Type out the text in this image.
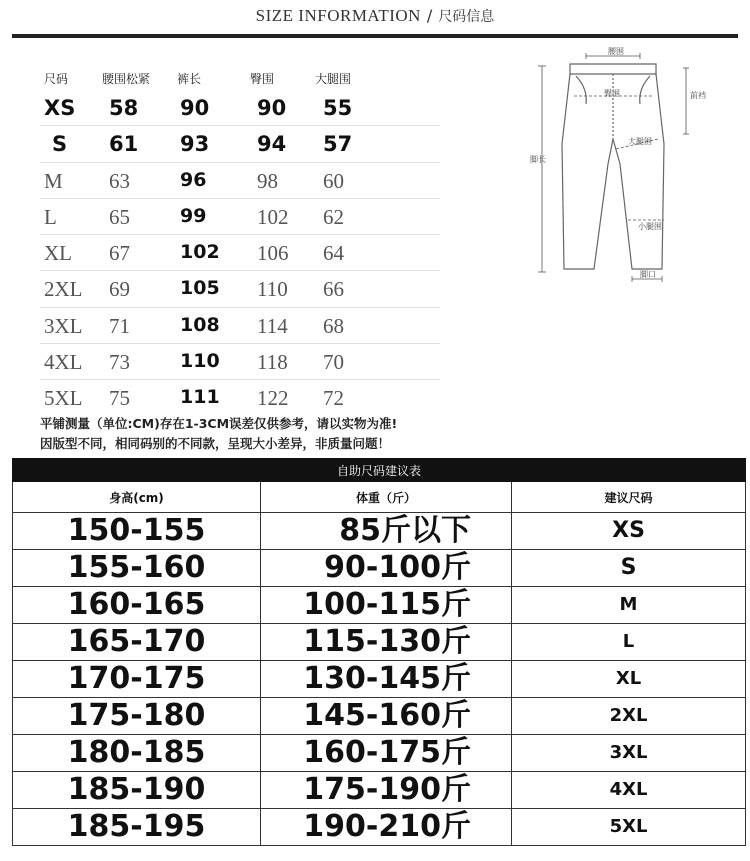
SIZE INFORMATION / 尺码信息
尺码	腰围松紧 裤长	臀围	大腿围
XS 58 90 90 55
S 61 93 94 57
M 63	96 98 60
L 65	99 102 62
XL 67	102 106 64
2XL 69	105 110 66
3XL 71	108 114 68
4XL 73	110 118 70
5XL 75	111 122 72
平铺测量（单位:CM)存在1-3CM误差仅供参考，请以实物为准!
因版型不同，相同码别的不同款，呈现大小差异，非质量问题！
腰围
臀围	前裆
大腿围
脚长
小腿围
脚口
自助尺码建议表		
身高(cm)	体重（斤）	建议尺码
150-155	85斤以下	XS
155-160	90-100斤	S
160-165	100-115斤	M
165-170	115-130斤	L
170-175	130-145斤	XL
175-180	145-160斤	2XL
180-185	160-175斤	3XL
185-190	175-190斤	4XL
185-195	190-210斤	5XL
